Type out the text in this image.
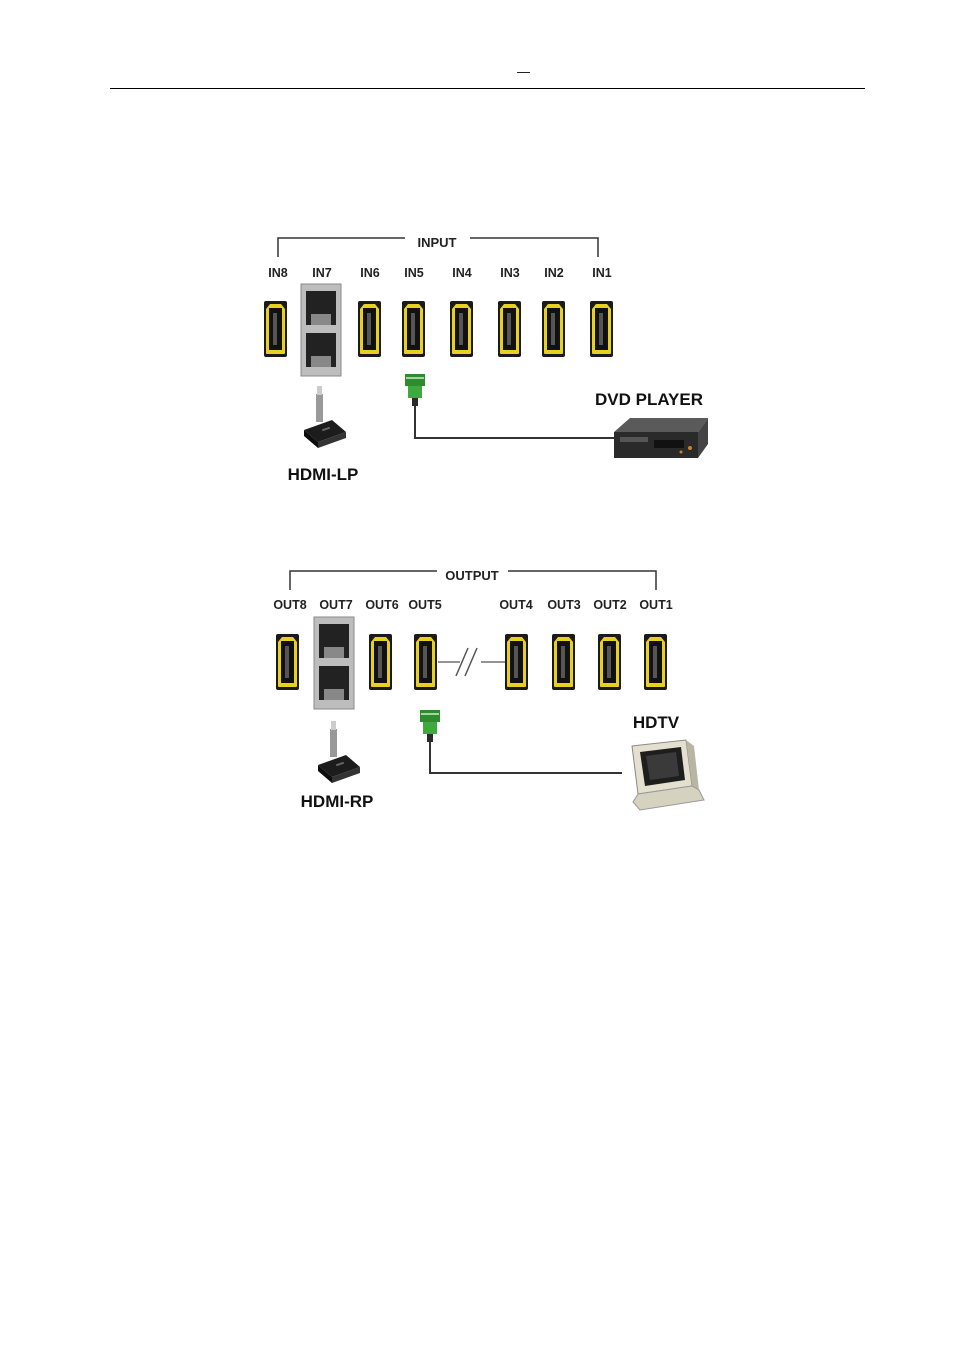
—
INPUT
IN8 IN7 IN6 IN5 IN4 IN3 IN2 IN1
HDMI-LP
DVD PLAYER
OUTPUT
OUT8 OUT7 OUT6 OUT5	OUT4 OUT3 OUT2 OUT1
HDMI-RP
HDTV
